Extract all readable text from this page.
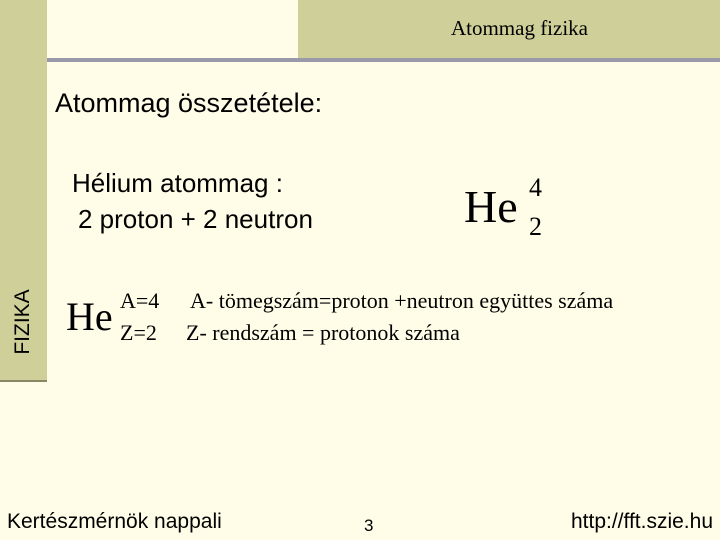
Atommag fizika
FIZIKA
Atommag összetétele:
Hélium atommag :
2 proton + 2 neutron	He 4
2
He A=4
Z=2
A- tömegszám=proton +neutron együttes száma
Z- rendszám = protonok száma
Kertészmérnök nappali	3	http://fft.szie.hu
